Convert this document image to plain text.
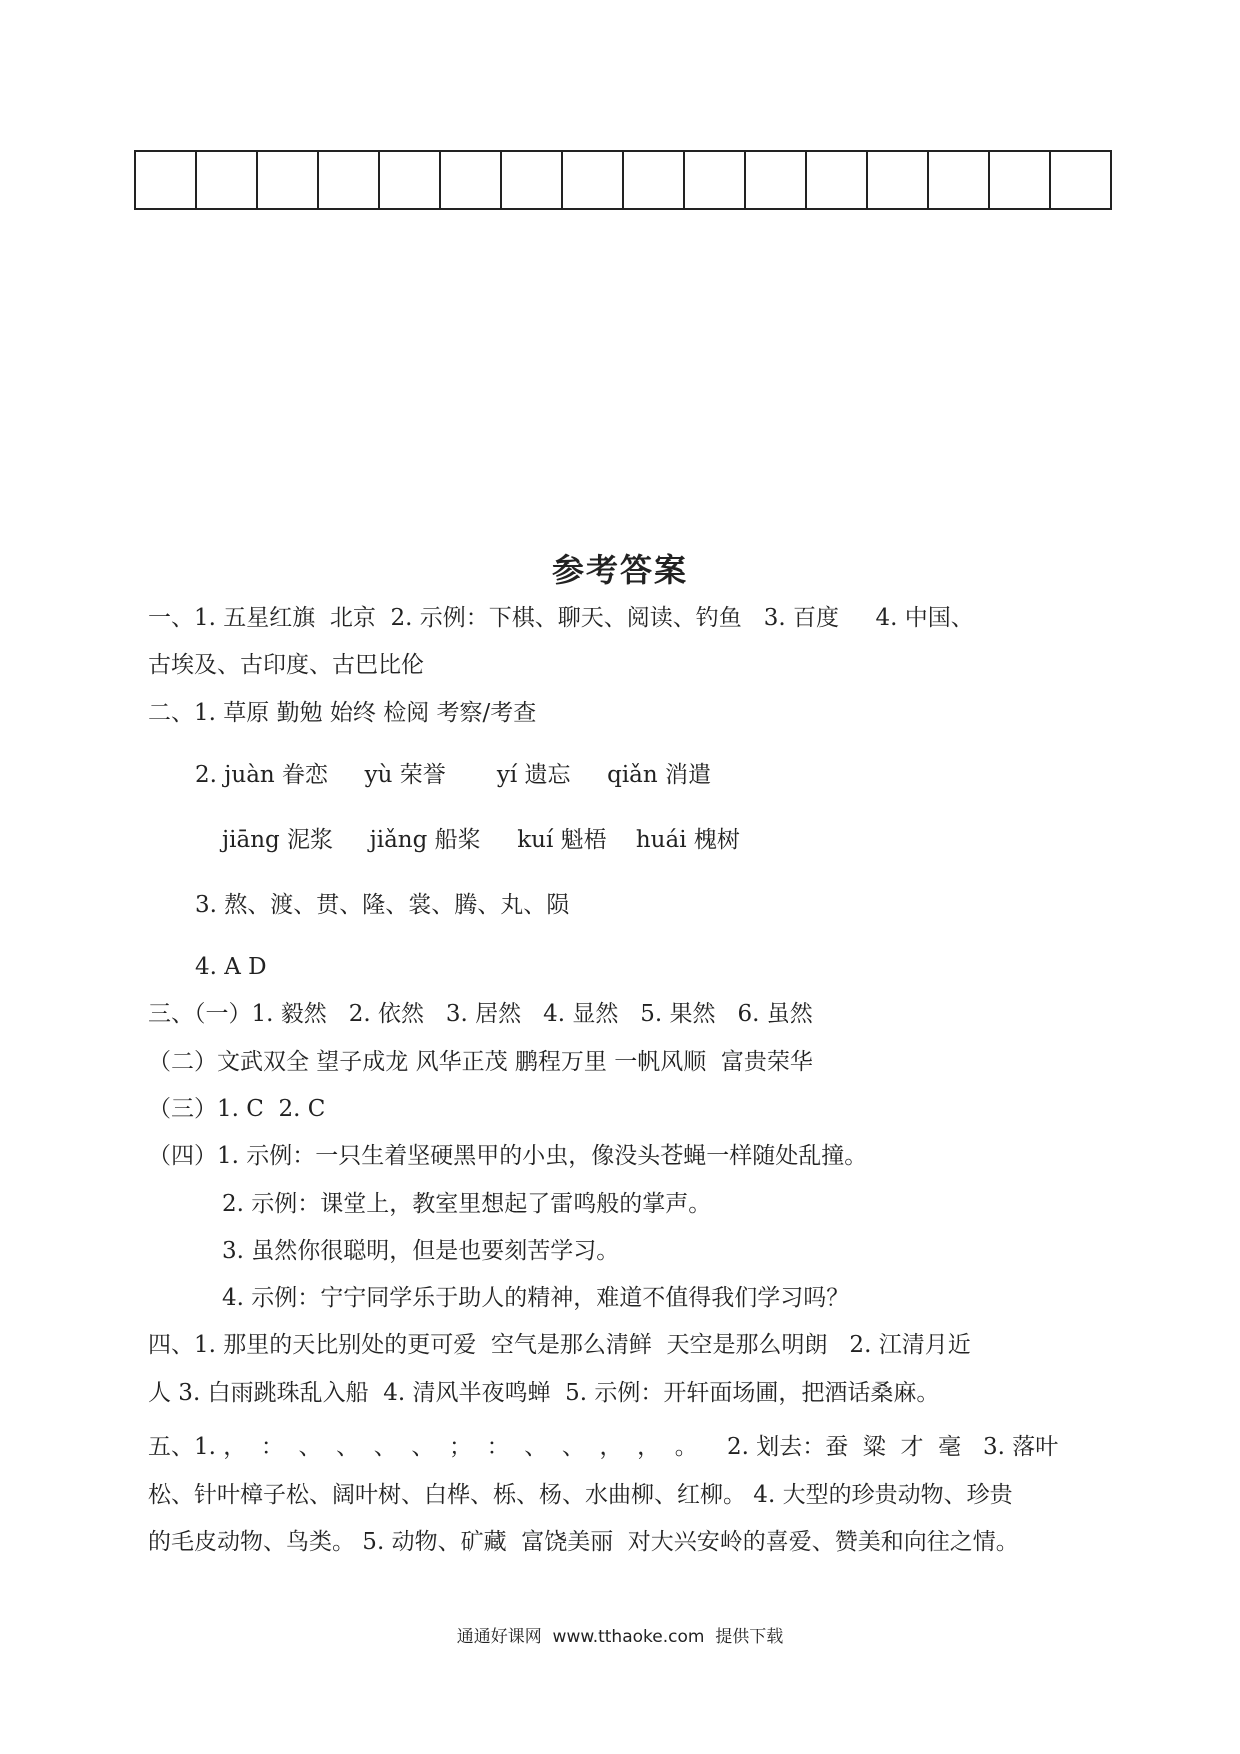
参考答案
一、1. 五星红旗  北京  2. 示例：下棋、聊天、阅读、钓鱼   3. 百度     4. 中国、
古埃及、古印度、古巴比伦
二、1. 草原 勤勉 始终 检阅 考察/考查
2. juàn 眷恋     yù 荣誉       yí 遗忘     qiǎn 消遣
jiāng 泥浆     jiǎng 船桨     kuí 魁梧    huái 槐树
3. 熬、渡、贯、隆、裳、腾、丸、陨
4. A D
三、（一）1. 毅然   2. 依然   3. 居然   4. 显然   5. 果然   6. 虽然
（二）文武双全 望子成龙 风华正茂 鹏程万里 一帆风顺  富贵荣华
（三）1. C  2. C
（四）1. 示例：一只生着坚硬黑甲的小虫，像没头苍蝇一样随处乱撞。
2. 示例：课堂上，教室里想起了雷鸣般的掌声。
3. 虽然你很聪明，但是也要刻苦学习。
4. 示例：宁宁同学乐于助人的精神，难道不值得我们学习吗？
四、1. 那里的天比别处的更可爱  空气是那么清鲜  天空是那么明朗   2. 江清月近
人 3. 白雨跳珠乱入船  4. 清风半夜鸣蝉  5. 示例：开轩面场圃，把酒话桑麻。
五、1. ，  ：  、  、  、  、  ；  ：  、  、  ，  ，  。    2. 划去：蚕  粱  才  毫   3. 落叶
松、针叶樟子松、阔叶树、白桦、栎、杨、水曲柳、红柳。 4. 大型的珍贵动物、珍贵
的毛皮动物、鸟类。 5. 动物、矿藏  富饶美丽  对大兴安岭的喜爱、赞美和向往之情。
通通好课网  www.tthaoke.com  提供下载
